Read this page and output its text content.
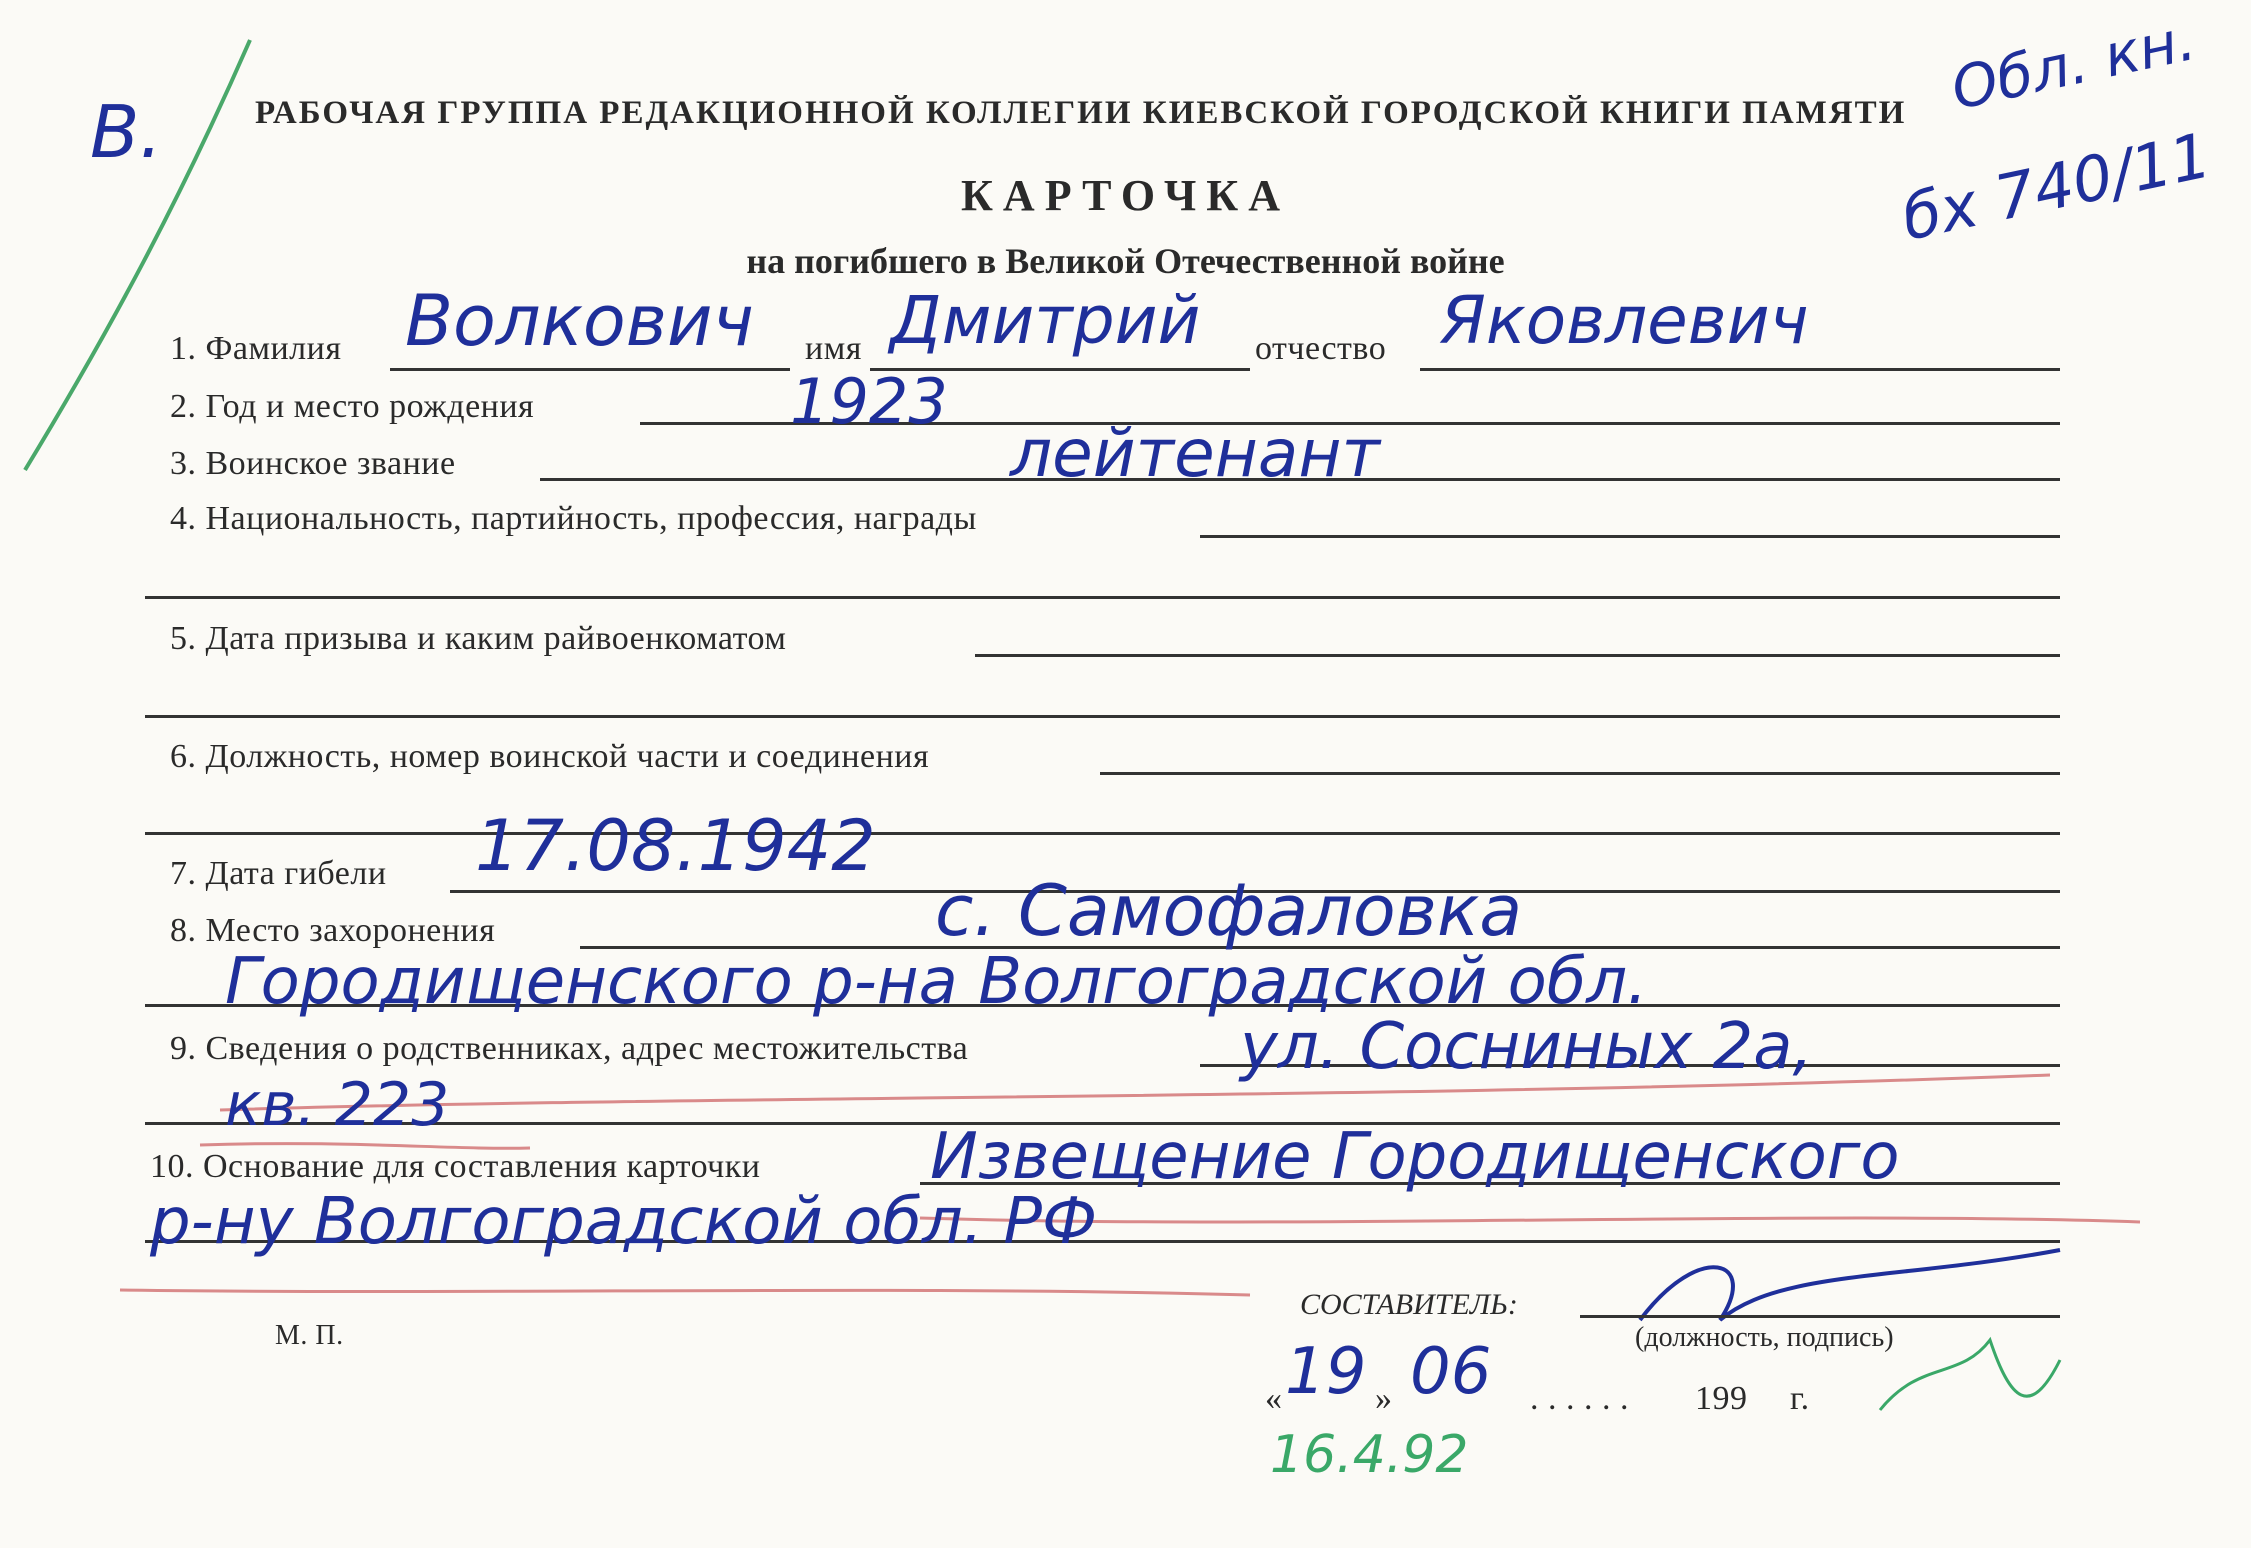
РАБОЧАЯ ГРУППА РЕДАКЦИОННОЙ КОЛЛЕГИИ КИЕВСКОЙ ГОРОДСКОЙ КНИГИ ПАМЯТИ
КАРТОЧКА
на погибшего в Великой Отечественной войне
В.
Обл. кн.
бх 740/11
1. Фамилия Волкович имя Дмитрий отчество Яковлевич
2. Год и место рождения	1923
3. Воинское звание	лейтенант
4. Национальность, партийность, профессия, награды
5. Дата призыва и каким райвоенкоматом
6. Должность, номер воинской части и соединения
7. Дата гибели 17.08.1942
8. Место захоронения	с. Самофаловка
Городищенского р-на Волгоградской обл.
9. Сведения о родственниках, адрес местожительства	ул. Сосниных 2а,
кв. 223
10. Основание для составления карточки	Извещение Городищенского
р-ну Волгоградской обл. РФ
М. П.
СОСТАВИТЕЛЬ:
(должность, подпись)
« 19 » 06 . . . . . . 199 г.
16.4.92
